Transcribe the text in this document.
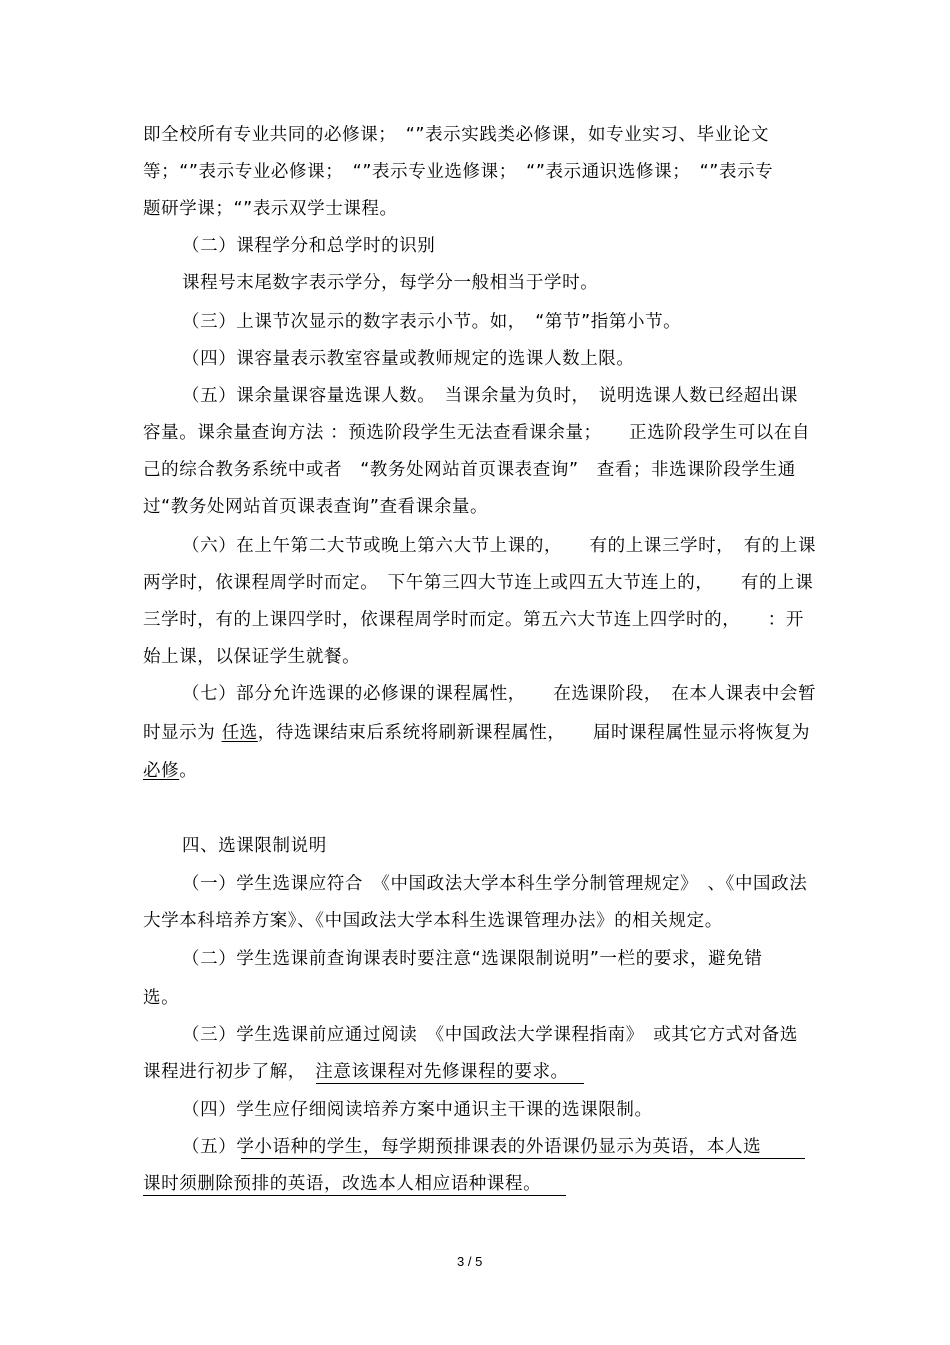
即全校所有专业共同的必修课；　“”表示实践类必修课，如专业实习、毕业论文
等；“”表示专业必修课；　“”表示专业选修课；　“”表示通识选修课；　“”表示专
题研学课；“”表示双学士课程。
（二）课程学分和总学时的识别
课程号末尾数字表示学分，每学分一般相当于学时。
（三）上课节次显示的数字表示小节。如，　“第节”指第小节。
（四）课容量表示教室容量或教师规定的选课人数上限。
（五）课余量课容量选课人数。　当课余量为负时，　说明选课人数已经超出课
容量。课余量查询方法 ：预选阶段学生无法查看课余量；　　正选阶段学生可以在自
己的综合教务系统中或者　“教务处网站首页课表查询”　查看；非选课阶段学生通
过“教务处网站首页课表查询”查看课余量。
（六）在上午第二大节或晚上第六大节上课的，　　有的上课三学时，　有的上课
两学时，依课程周学时而定。　下午第三四大节连上或四五大节连上的，　　有的上课
三学时，有的上课四学时，依课程周学时而定。第五六大节连上四学时的，　　：开
始上课，以保证学生就餐。
（七）部分允许选课的必修课的课程属性，　　在选课阶段，　在本人课表中会暂
时显示为 任选，待选课结束后系统将刷新课程属性，　　届时课程属性显示将恢复为
必修。
四、选课限制说明
（一）学生选课应符合　《中国政法大学本科生学分制管理规定》　、《中国政法
大学本科培养方案》、《中国政法大学本科生选课管理办法》的相关规定。
（二）学生选课前查询课表时要注意“选课限制说明”一栏的要求，避免错
选。
（三）学生选课前应通过阅读　《中国政法大学课程指南》　或其它方式对备选
课程进行初步了解，　注意该课程对先修课程的要求。
（四）学生应仔细阅读培养方案中通识主干课的选课限制。
（五）学小语种的学生，每学期预排课表的外语课仍显示为英语，本人选
课时须删除预排的英语，改选本人相应语种课程。
3 / 5
